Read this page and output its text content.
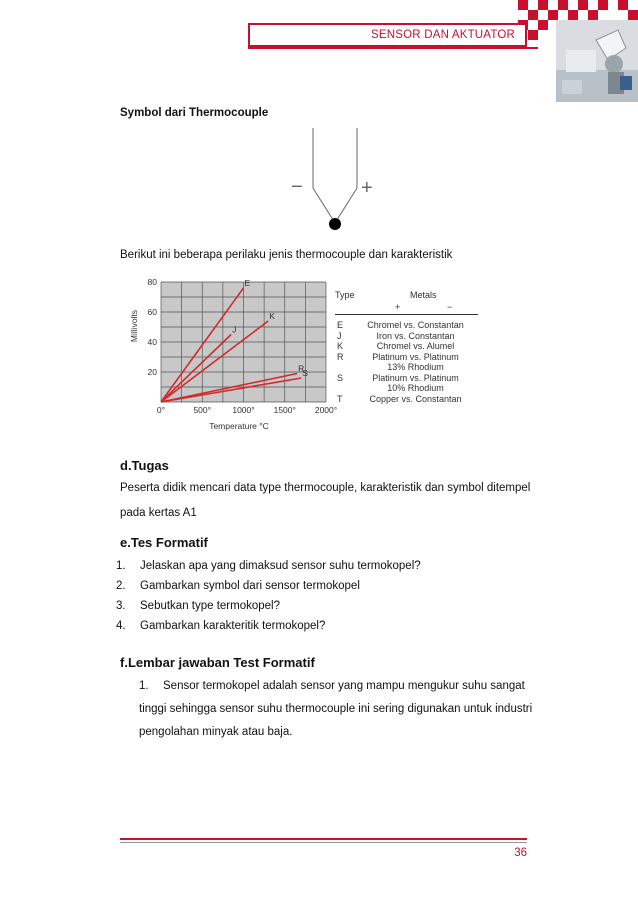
SENSOR DAN AKTUATOR
Symbol dari Thermocouple
−	+
Berikut ini beberapa perilaku jenis thermocouple dan karakteristik
E
K
J
R
S
20
40
60
80
0°	500°	1000° 1500° 2000°
Millivolts
Temperature °C
Type	Metals
+	−
E	Chromel vs. Constantan
J	Iron vs. Constantan
K	Chromel vs. Alumel
R	Platinum vs. Platinum
13% Rhodium
S	Platinum vs. Platinum
10% Rhodium
T	Copper vs. Constantan
d.Tugas
Peserta didik mencari data type thermocouple, karakteristik dan symbol ditempel
pada kertas A1
e.Tes Formatif
1. Jelaskan apa yang dimaksud sensor suhu termokopel?
2. Gambarkan symbol dari sensor termokopel
3. Sebutkan type termokopel?
4. Gambarkan karakteritik termokopel?
f.Lembar jawaban Test Formatif
1.	Sensor termokopel adalah sensor yang mampu mengukur suhu sangat
tinggi sehingga sensor suhu thermocouple ini sering digunakan untuk industri
pengolahan minyak atau baja.
36
